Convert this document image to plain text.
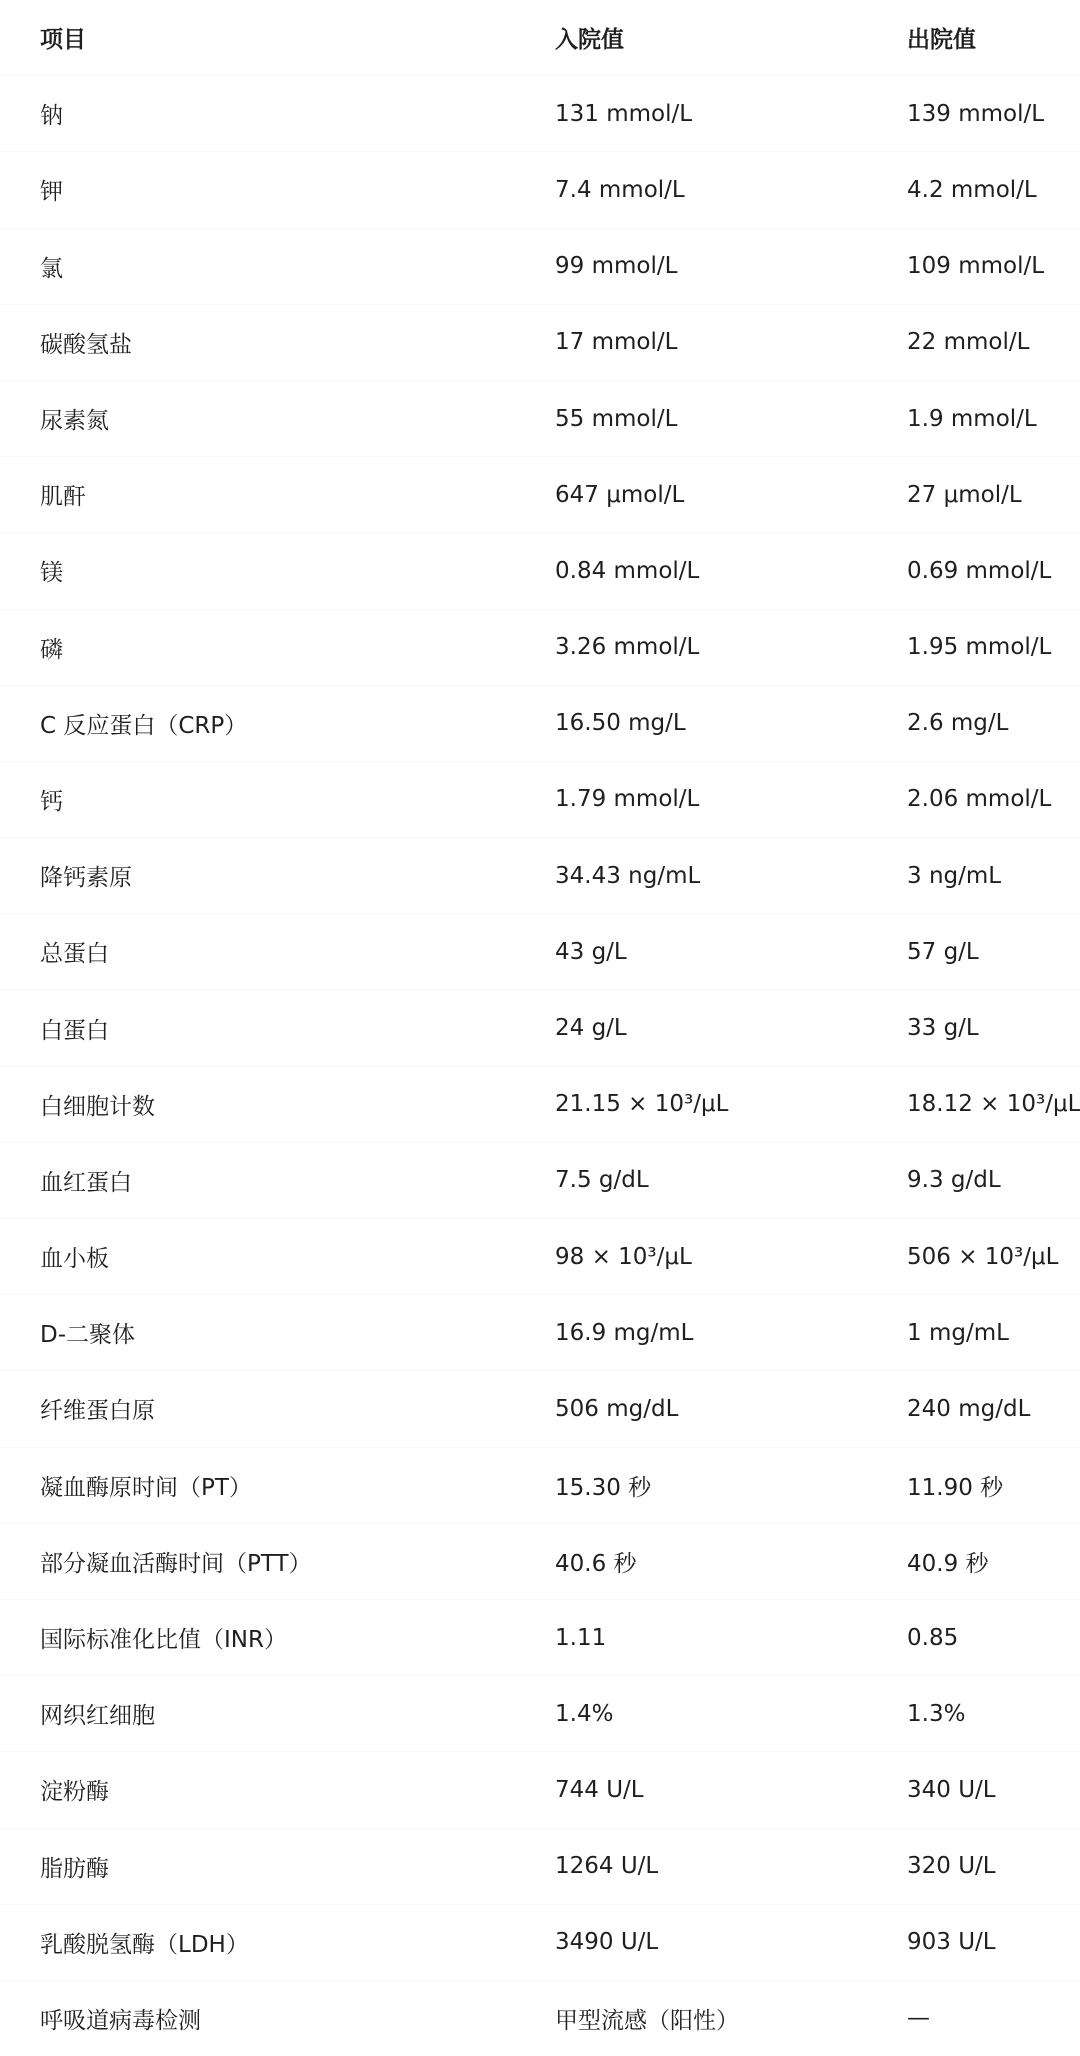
项目	入院值	出院值
钠	131 mmol/L	139 mmol/L
钾	7.4 mmol/L	4.2 mmol/L
氯	99 mmol/L	109 mmol/L
碳酸氢盐	17 mmol/L	22 mmol/L
尿素氮	55 mmol/L	1.9 mmol/L
肌酐	647 μmol/L	27 μmol/L
镁	0.84 mmol/L	0.69 mmol/L
磷	3.26 mmol/L	1.95 mmol/L
C 反应蛋白（CRP）	16.50 mg/L	2.6 mg/L
钙	1.79 mmol/L	2.06 mmol/L
降钙素原	34.43 ng/mL	3 ng/mL
总蛋白	43 g/L	57 g/L
白蛋白	24 g/L	33 g/L
白细胞计数	21.15 × 10³/μL	18.12 × 10³/μL
血红蛋白	7.5 g/dL	9.3 g/dL
血小板	98 × 10³/μL	506 × 10³/μL
D-二聚体	16.9 mg/mL	1 mg/mL
纤维蛋白原	506 mg/dL	240 mg/dL
凝血酶原时间（PT）	15.30 秒	11.90 秒
部分凝血活酶时间（PTT）	40.6 秒	40.9 秒
国际标准化比值（INR）	1.11	0.85
网织红细胞	1.4%	1.3%
淀粉酶	744 U/L	340 U/L
脂肪酶	1264 U/L	320 U/L
乳酸脱氢酶（LDH）	3490 U/L	903 U/L
呼吸道病毒检测	甲型流感（阳性）	—
